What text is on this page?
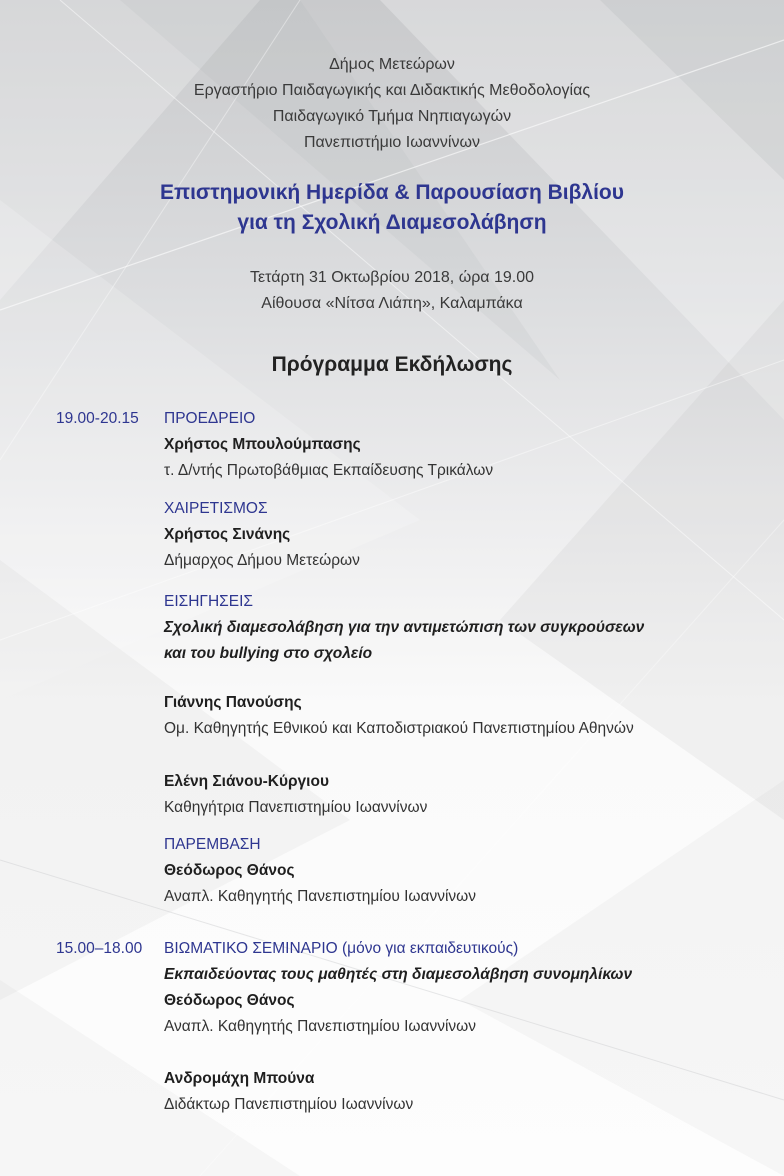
Δήμος Μετεώρων
Εργαστήριο Παιδαγωγικής και Διδακτικής Μεθοδολογίας
Παιδαγωγικό Τμήμα Νηπιαγωγών
Πανεπιστήμιο Ιωαννίνων
Επιστημονική Ημερίδα & Παρουσίαση Βιβλίου
για τη Σχολική Διαμεσολάβηση
Τετάρτη 31 Οκτωβρίου 2018, ώρα 19.00
Αίθουσα «Νίτσα Λιάπη», Καλαμπάκα
Πρόγραμμα Εκδήλωσης
19.00-20.15 ΠΡΟΕΔΡΕΙΟ
Χρήστος Μπουλούμπασης
τ. Δ/ντής Πρωτοβάθμιας Εκπαίδευσης Τρικάλων
ΧΑΙΡΕΤΙΣΜΟΣ
Χρήστος Σινάνης
Δήμαρχος Δήμου Μετεώρων
ΕΙΣΗΓΗΣΕΙΣ
Σχολική διαμεσολάβηση για την αντιμετώπιση των συγκρούσεων
και του bullying στο σχολείο
Γιάννης Πανούσης
Ομ. Καθηγητής Εθνικού και Καποδιστριακού Πανεπιστημίου Αθηνών
Ελένη Σιάνου-Κύργιου
Καθηγήτρια Πανεπιστημίου Ιωαννίνων
ΠΑΡΕΜΒΑΣΗ
Θεόδωρος Θάνος
Αναπλ. Καθηγητής Πανεπιστημίου Ιωαννίνων
15.00–18.00 ΒΙΩΜΑΤΙΚΟ ΣΕΜΙΝΑΡΙΟ (μόνο για εκπαιδευτικούς)
Εκπαιδεύοντας τους μαθητές στη διαμεσολάβηση συνομηλίκων
Θεόδωρος Θάνος
Αναπλ. Καθηγητής Πανεπιστημίου Ιωαννίνων
Ανδρομάχη Μπούνα
Διδάκτωρ Πανεπιστημίου Ιωαννίνων
